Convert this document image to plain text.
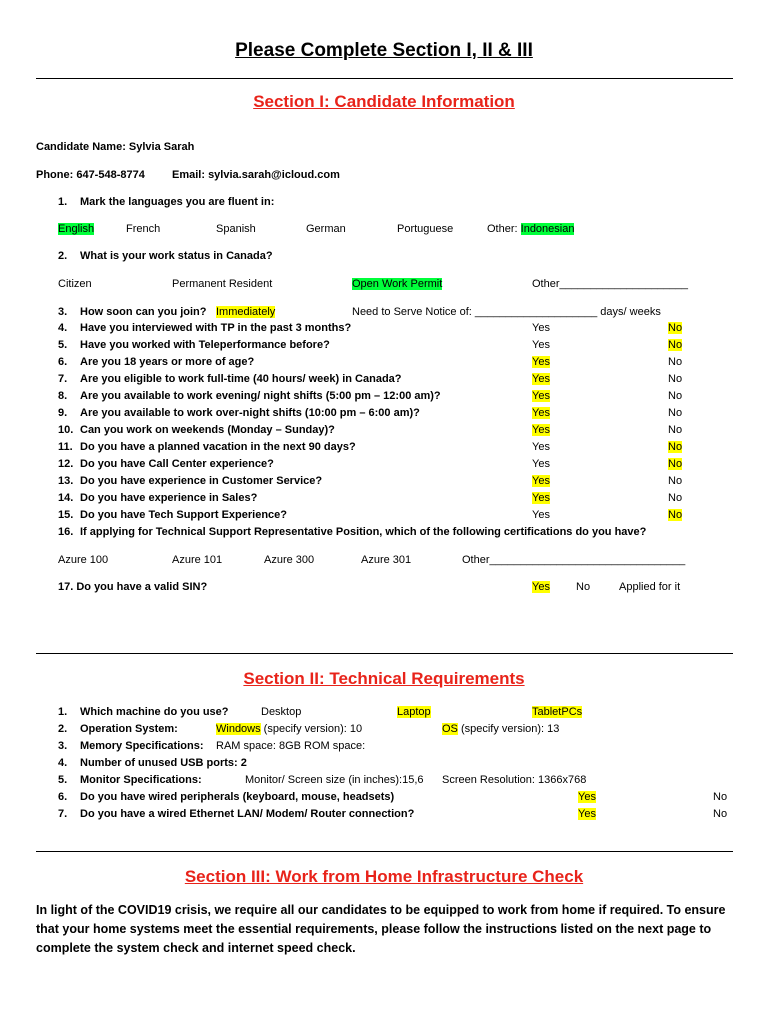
Please Complete Section I, II & III
Section I: Candidate Information
Candidate Name: Sylvia Sarah
Phone: 647-548-8774 Email: sylvia.sarah@icloud.com
1. Mark the languages you are fluent in:
English	French	Spanish	German	Portuguese	Other: Indonesian
2. What is your work status in Canada?
Citizen	Permanent Resident	Open Work Permit	Other_____________________
3. How soon can you join? Immediately	Need to Serve Notice of: ____________________ days/ weeks
4. Have you interviewed with TP in the past 3 months?	Yes	No
5. Have you worked with Teleperformance before?	Yes	No
6. Are you 18 years or more of age?	Yes	No
7. Are you eligible to work full-time (40 hours/ week) in Canada?	Yes	No
8. Are you available to work evening/ night shifts (5:00 pm – 12:00 am)?	Yes	No
9. Are you available to work over-night shifts (10:00 pm – 6:00 am)?	Yes	No
10. Can you work on weekends (Monday – Sunday)?	Yes	No
11. Do you have a planned vacation in the next 90 days?	Yes	No
12. Do you have Call Center experience?	Yes	No
13. Do you have experience in Customer Service?	Yes	No
14. Do you have experience in Sales?	Yes	No
15. Do you have Tech Support Experience?	Yes	No
16. If applying for Technical Support Representative Position, which of the following certifications do you have?
Azure 100	Azure 101	Azure 300	Azure 301	Other________________________________
17. Do you have a valid SIN?	Yes No	Applied for it
Section II: Technical Requirements
1. Which machine do you use?	Desktop	Laptop	TabletPCs
2. Operation System:	Windows (specify version): 10	OS (specify version): 13
3. Memory Specifications: RAM space: 8GB ROM space:
4. Number of unused USB ports: 2
5. Monitor Specifications:	Monitor/ Screen size (in inches):15,6 Screen Resolution: 1366x768
6. Do you have wired peripherals (keyboard, mouse, headsets)	Yes	No
7. Do you have a wired Ethernet LAN/ Modem/ Router connection?	Yes	No
Section III: Work from Home Infrastructure Check
In light of the COVID19 crisis, we require all our candidates to be equipped to work from home if required. To ensure that your home systems meet the essential requirements, please follow the instructions listed on the next page to complete the system check and internet speed check.
